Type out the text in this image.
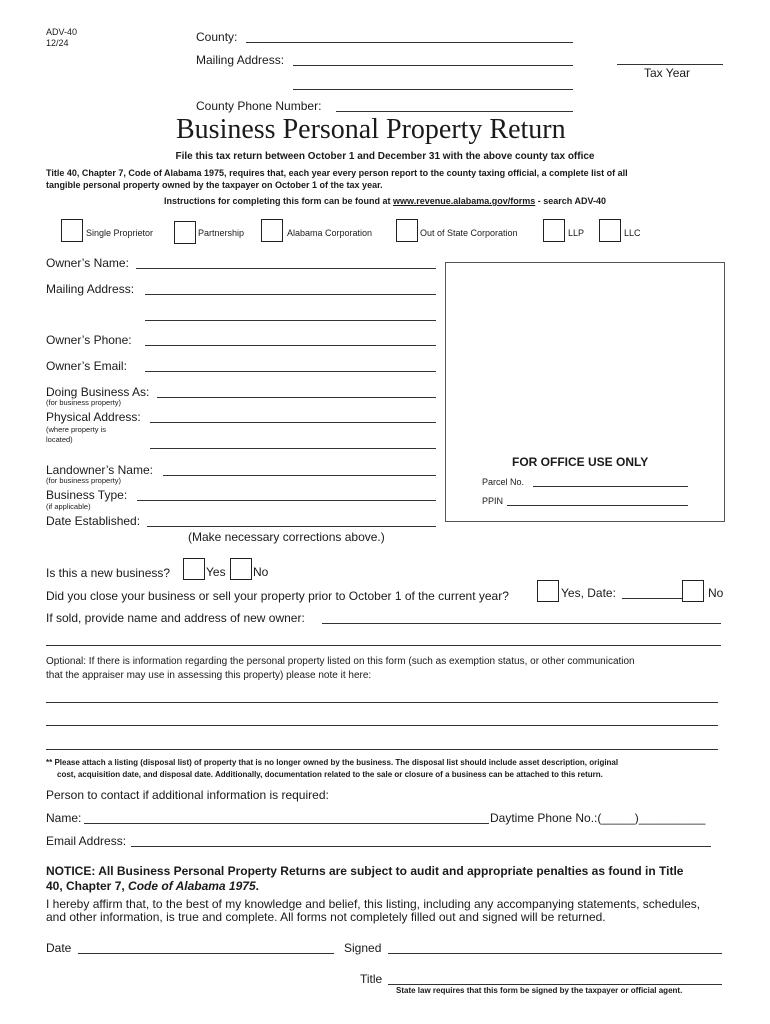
ADV-40
12/24	County:
Mailing Address:
Tax Year
County Phone Number:
Business Personal Property Return
File this tax return between October 1 and December 31 with the above county tax office
Title 40, Chapter 7, Code of Alabama 1975, requires that, each year every person report to the county taxing official, a complete list of all
tangible personal property owned by the taxpayer on October 1 of the tax year.
Instructions for completing this form can be found at www.revenue.alabama.gov/forms - search ADV-40
Single Proprietor	Partnership	Alabama Corporation	Out of State Corporation	LLP	LLC
Owner’s Name:
Mailing Address:
Owner’s Phone:
Owner’s Email:
Doing Business As:
(for business property)
Physical Address:
(where property is
located)
Landowner’s Name:
(for business property)
Business Type:
(if applicable)
Date Established:
(Make necessary corrections above.)
FOR OFFICE USE ONLY
Parcel No.
PPIN
Is this a new business?	Yes No
Did you close your business or sell your property prior to October 1 of the current year?	Yes, Date:	No
If sold, provide name and address of new owner:
Optional: If there is information regarding the personal property listed on this form (such as exemption status, or other communication
that the appraiser may use in assessing this property) please note it here:
** Please attach a listing (disposal list) of property that is no longer owned by the business. The disposal list should include asset description, original
cost, acquisition date, and disposal date. Additionally, documentation related to the sale or closure of a business can be attached to this return.
Person to contact if additional information is required:
Name:	Daytime Phone No.:(_____)__________
Email Address:
NOTICE: All Business Personal Property Returns are subject to audit and appropriate penalties as found in Title
40, Chapter 7, Code of Alabama 1975.
I hereby affirm that, to the best of my knowledge and belief, this listing, including any accompanying statements, schedules,
and other information, is true and complete. All forms not completely filled out and signed will be returned.
Date	Signed
Title
State law requires that this form be signed by the taxpayer or official agent.
